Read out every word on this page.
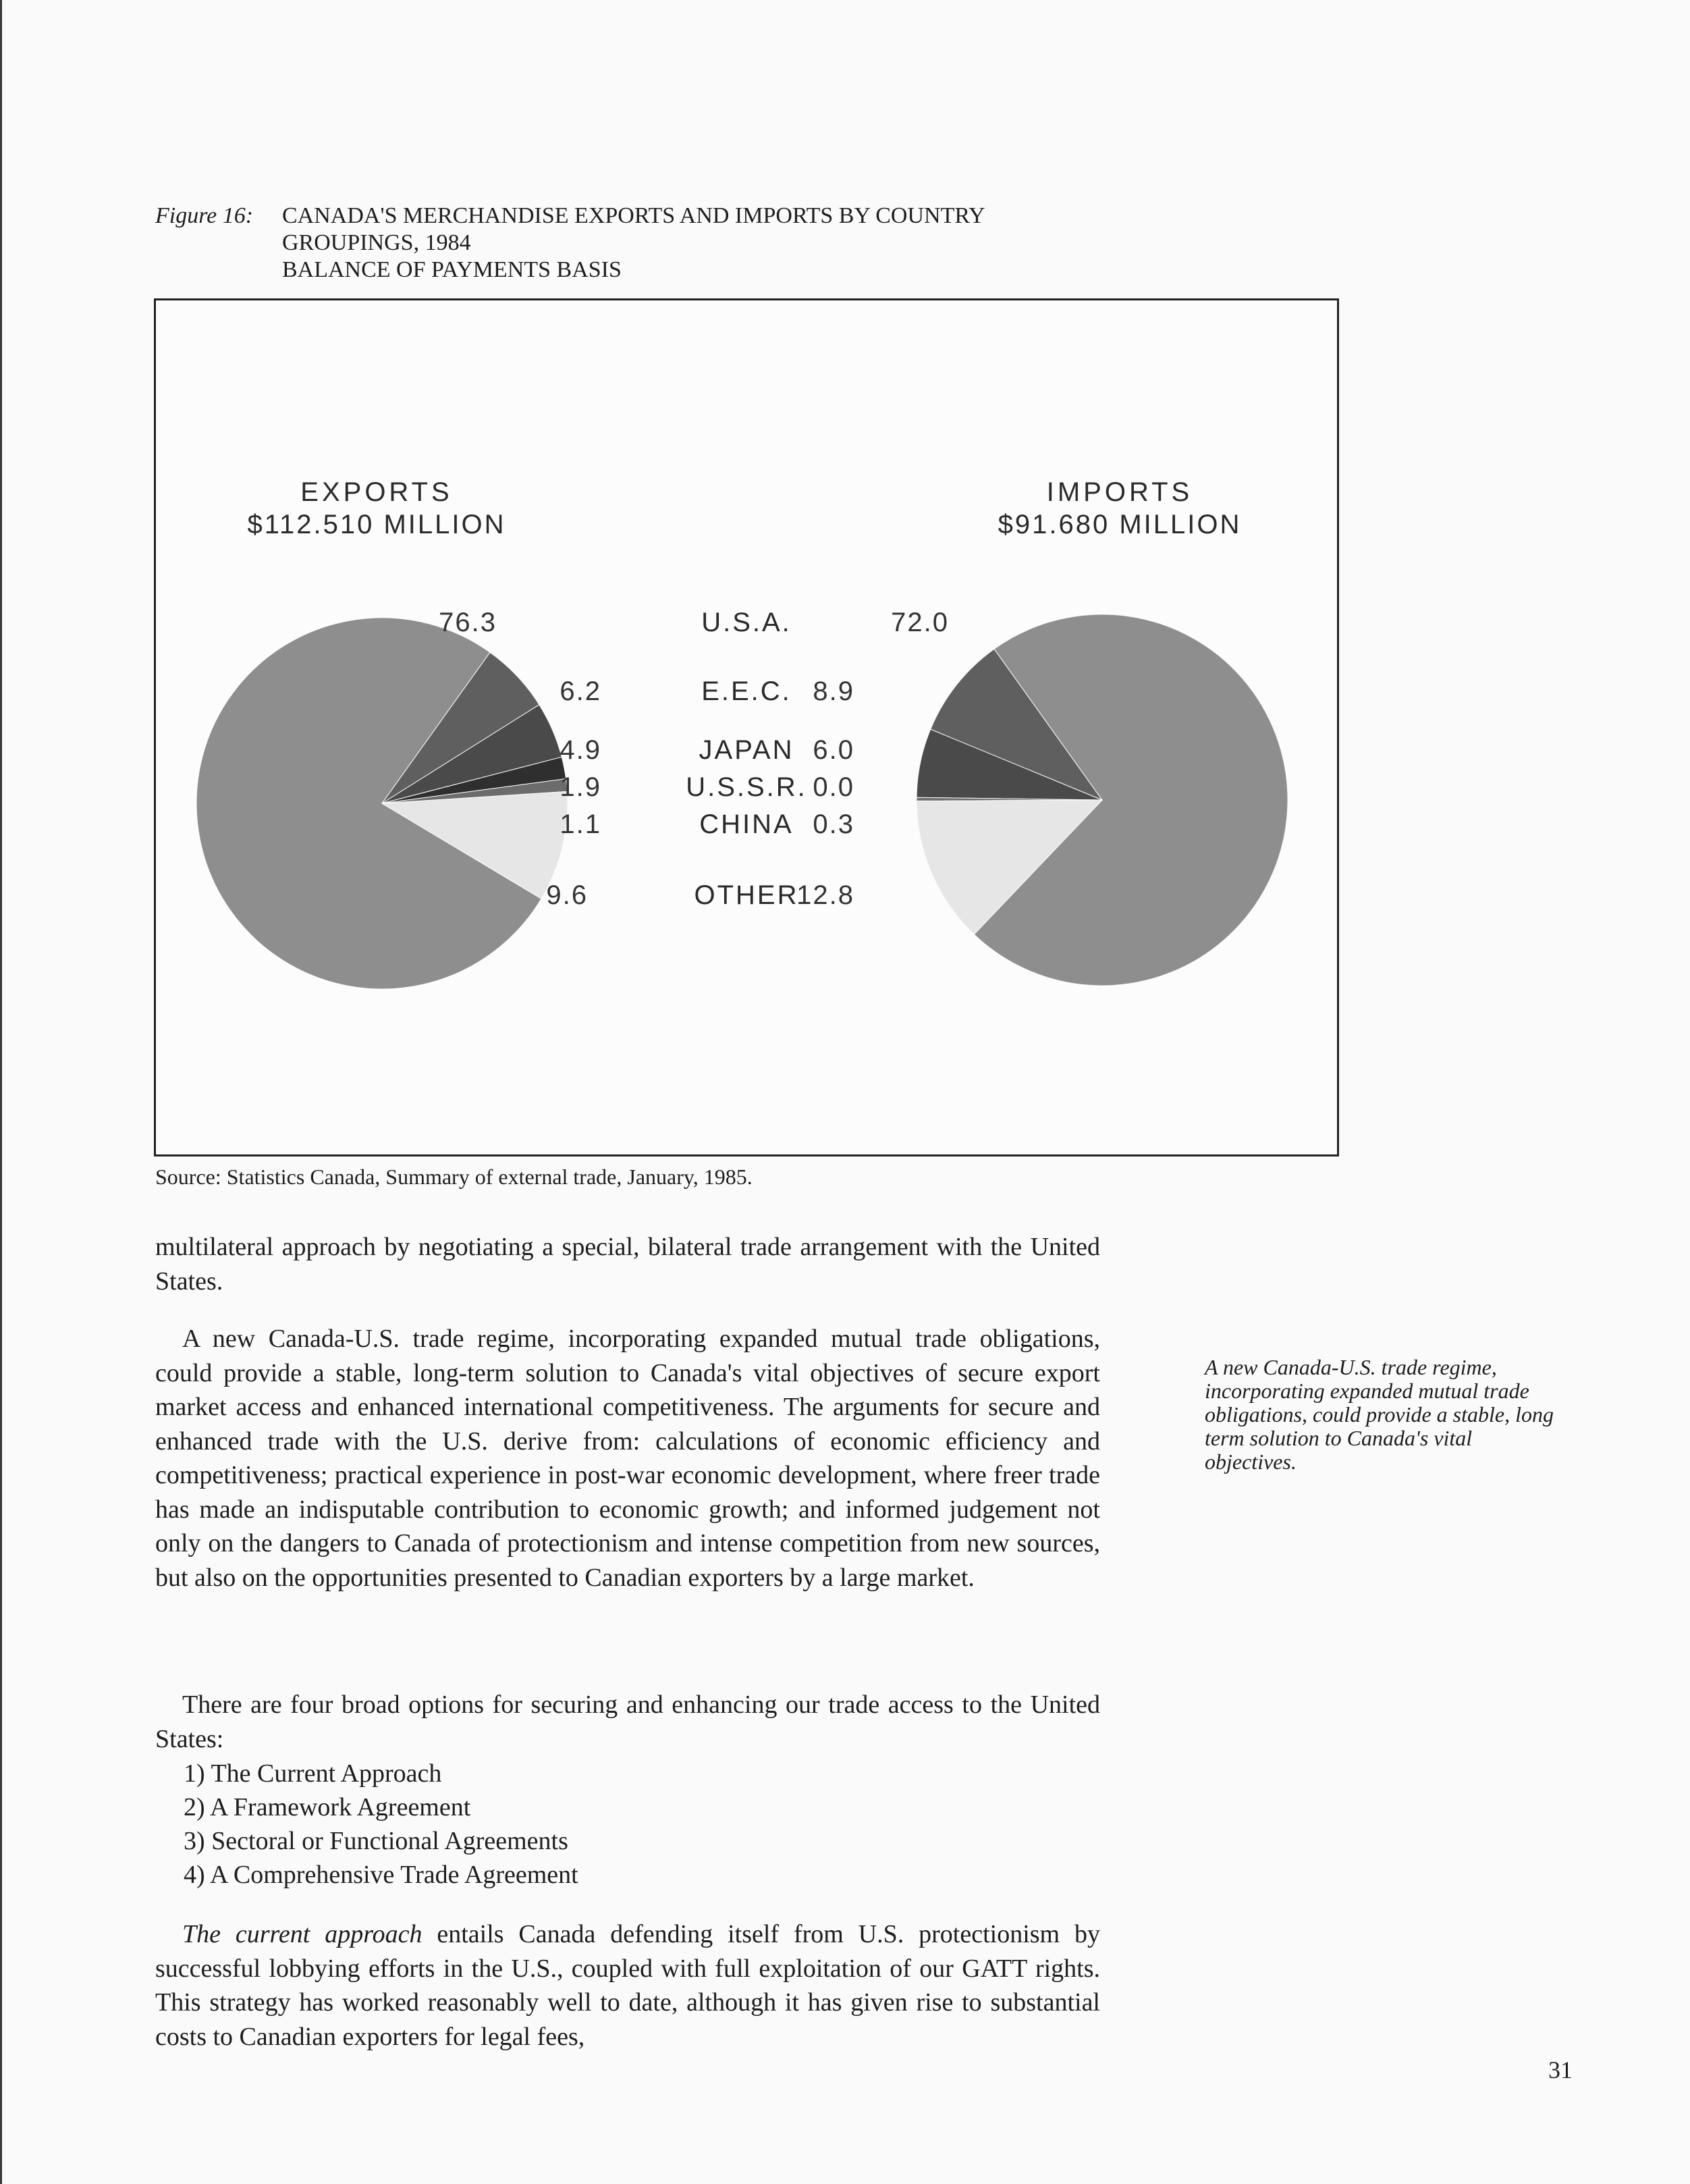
Figure 16: CANADA'S MERCHANDISE EXPORTS AND IMPORTS BY COUNTRY
GROUPINGS, 1984
BALANCE OF PAYMENTS BASIS
U.S.A.
E.E.C.
JAPAN
U.S.S.R.
CHINA
OTHER
EXPORTS
$112.510 MILLION
76.3
6.2
4.9
1.9
1.1
9.6
IMPORTS
$91.680 MILLION
72.0
8.9
6.0
0.0
0.3
12.8
Source: Statistics Canada, Summary of external trade, January, 1985.
multilateral approach by negotiating a special, bilateral trade arrangement with the United States.
A new Canada-U.S. trade regime, incorporating expanded mutual trade obligations, could provide a stable, long-term solution to Canada's vital objectives of secure export market access and enhanced international competitiveness. The arguments for secure and enhanced trade with the U.S. derive from: calculations of economic efficiency and competitiveness; practical experience in post-war economic development, where freer trade has made an indisputable contribution to economic growth; and informed judgement not only on the dangers to Canada of protectionism and intense competition from new sources, but also on the opportunities presented to Canadian exporters by a large market.
There are four broad options for securing and enhancing our trade access to the United States:
1) The Current Approach
2) A Framework Agreement
3) Sectoral or Functional Agreements
4) A Comprehensive Trade Agreement
The current approach entails Canada defending itself from U.S. protectionism by successful lobbying efforts in the U.S., coupled with full exploitation of our GATT rights. This strategy has worked reasonably well to date, although it has given rise to substantial costs to Canadian exporters for legal fees,
A new Canada-U.S. trade regime, incorporating expanded mutual trade obligations, could provide a stable, long term solution to Canada's vital objectives.
31
